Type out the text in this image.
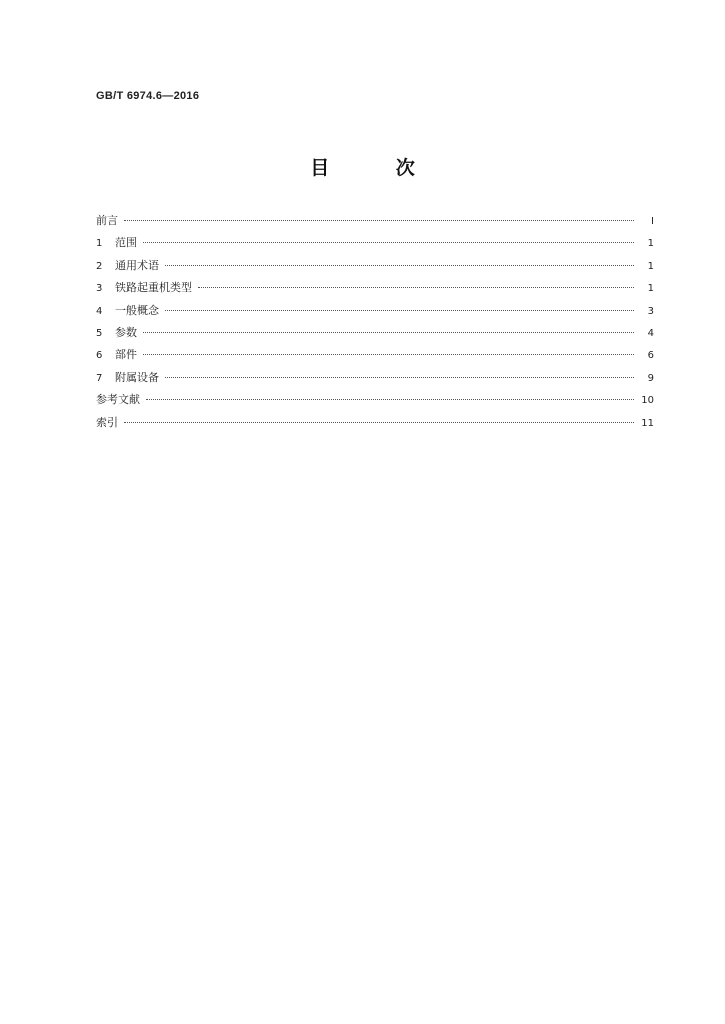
GB/T 6974.6—2016
目 次
前言	Ⅰ
1	范围	1
2	通用术语	1
3	铁路起重机类型	1
4	一般概念	3
5	参数	4
6	部件	6
7	附属设备	9
参考文献	10
索引	11
